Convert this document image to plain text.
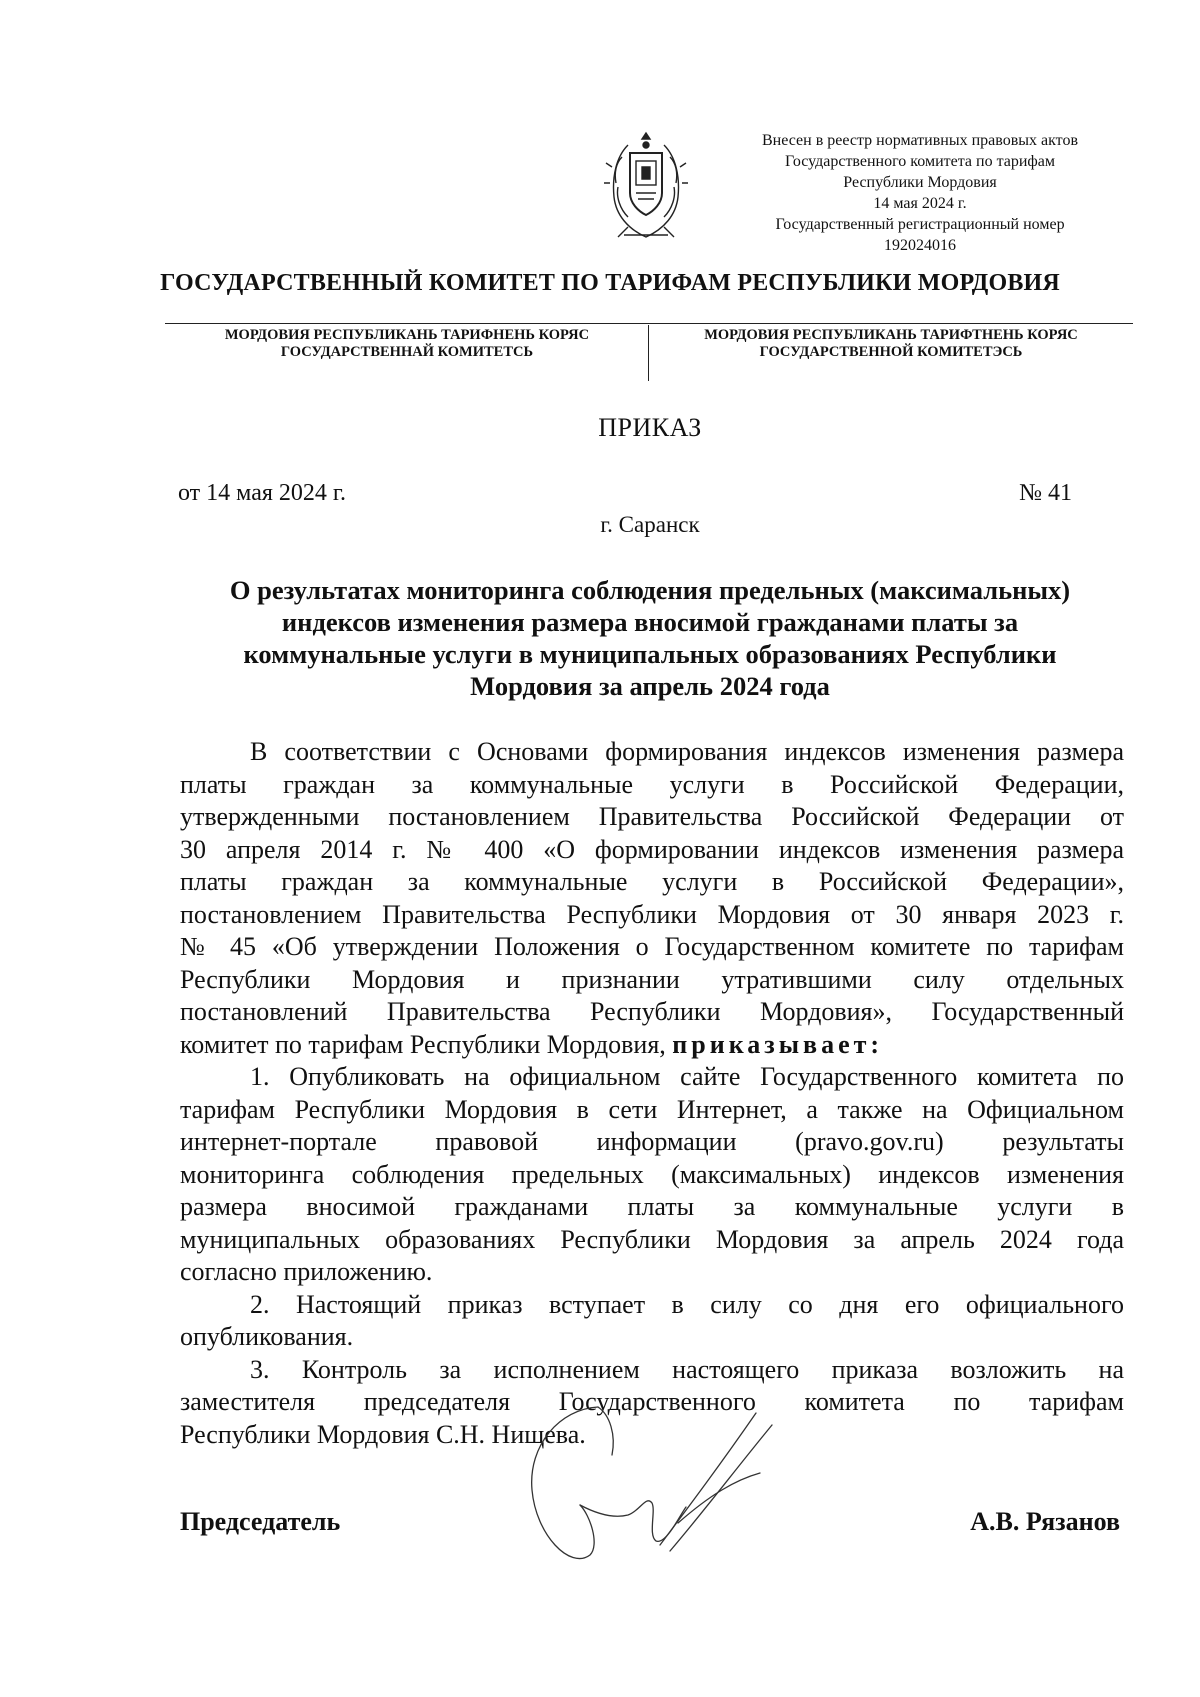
Внесен в реестр нормативных правовых актов
Государственного комитета по тарифам
Республики Мордовия
14 мая 2024 г.
Государственный регистрационный номер
192024016
ГОСУДАРСТВЕННЫЙ КОМИТЕТ ПО ТАРИФАМ РЕСПУБЛИКИ МОРДОВИЯ
МОРДОВИЯ РЕСПУБЛИКАНЬ ТАРИФНЕНЬ КОРЯС
ГОСУДАРСТВЕННАЙ КОМИТЕТСЬ
МОРДОВИЯ РЕСПУБЛИКАНЬ ТАРИФТНЕНЬ КОРЯС
ГОСУДАРСТВЕННОЙ КОМИТЕТЭСЬ
ПРИКАЗ
от 14 мая 2024 г.	№ 41
г. Саранск
О результатах мониторинга соблюдения предельных (максимальных)
индексов изменения размера вносимой гражданами платы за
коммунальные услуги в муниципальных образованиях Республики
Мордовия за апрель 2024 года
В соответствии с Основами формирования индексов изменения размера
платы граждан за коммунальные услуги в Российской Федерации,
утвержденными постановлением Правительства Российской Федерации от
30 апреля 2014 г. № 400 «О формировании индексов изменения размера
платы граждан за коммунальные услуги в Российской Федерации»,
постановлением Правительства Республики Мордовия от 30 января 2023 г.
№ 45 «Об утверждении Положения о Государственном комитете по тарифам
Республики Мордовия и признании утратившими силу отдельных
постановлений Правительства Республики Мордовия», Государственный
комитет по тарифам Республики Мордовия, приказывает:
1. Опубликовать на официальном сайте Государственного комитета по
тарифам Республики Мордовия в сети Интернет, а также на Официальном
интернет-портале правовой информации (pravo.gov.ru) результаты
мониторинга соблюдения предельных (максимальных) индексов изменения
размера вносимой гражданами платы за коммунальные услуги в
муниципальных образованиях Республики Мордовия за апрель 2024 года
согласно приложению.
2. Настоящий приказ вступает в силу со дня его официального
опубликования.
3. Контроль за исполнением настоящего приказа возложить на
заместителя председателя Государственного комитета по тарифам
Республики Мордовия С.Н. Нищева.
Председатель	А.В. Рязанов
